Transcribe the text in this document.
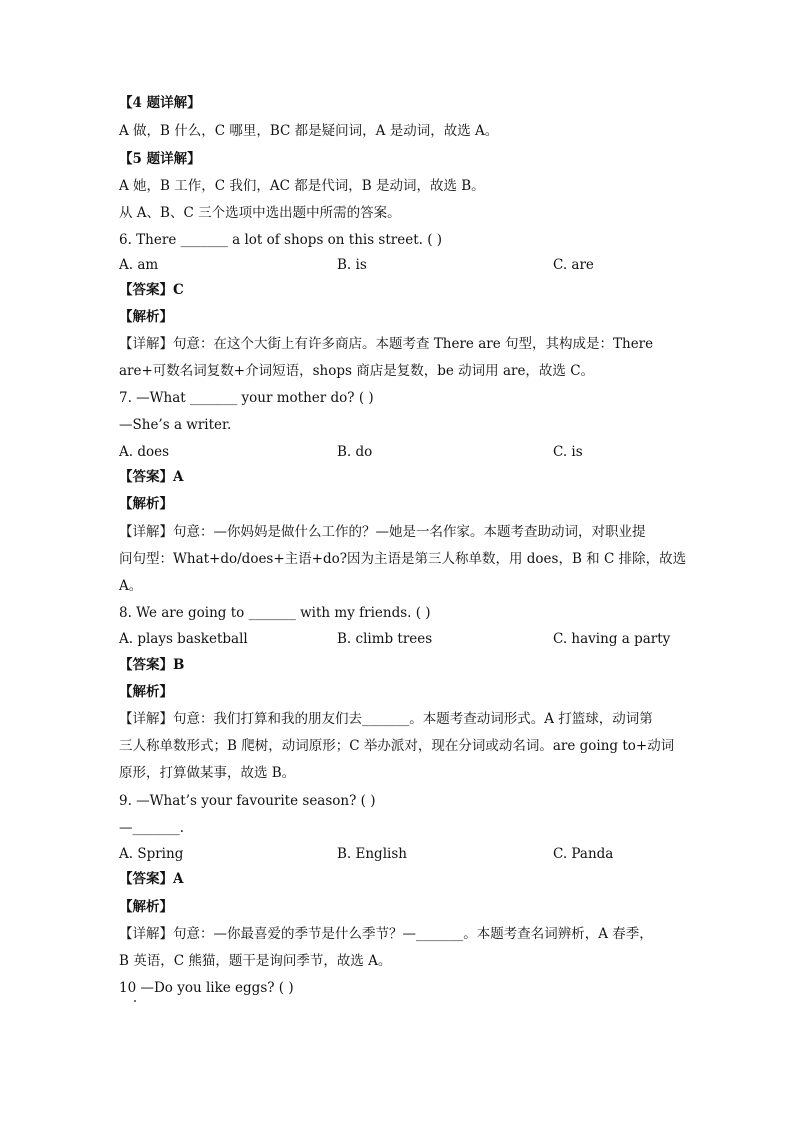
【4 题详解】
A 做，B 什么，C 哪里，BC 都是疑问词，A 是动词，故选 A。
【5 题详解】
A 她，B 工作，C 我们，AC 都是代词，B 是动词，故选 B。
从 A、B、C 三个选项中选出题中所需的答案。
6. There _______ a lot of shops on this street. ( )
A. am	B. is	C. are
【答案】C
【解析】
【详解】句意：在这个大街上有许多商店。本题考查 There are 句型，其构成是：There
are+可数名词复数+介词短语，shops 商店是复数，be 动词用 are，故选 C。
7. —What _______ your mother do? ( )
—She’s a writer.
A. does	B. do	C. is
【答案】A
【解析】
【详解】句意：—你妈妈是做什么工作的？—她是一名作家。本题考查助动词，对职业提
问句型：What+do/does+主语+do?因为主语是第三人称单数，用 does，B 和 C 排除，故选
A。
8. We are going to _______ with my friends. ( )
A. plays basketball	B. climb trees	C. having a party
【答案】B
【解析】
【详解】句意：我们打算和我的朋友们去_______。本题考查动词形式。A 打篮球，动词第
三人称单数形式；B 爬树，动词原形；C 举办派对，现在分词或动名词。are going to+动词
原形，打算做某事，故选 B。
9. —What’s your favourite season? ( )
—_______.
A. Spring	B. English	C. Panda
【答案】A
【解析】
【详解】句意：—你最喜爱的季节是什么季节？—_______。本题考查名词辨析，A 春季，
B 英语，C 熊猫，题干是询问季节，故选 A。
10 —Do you like eggs? ( )
